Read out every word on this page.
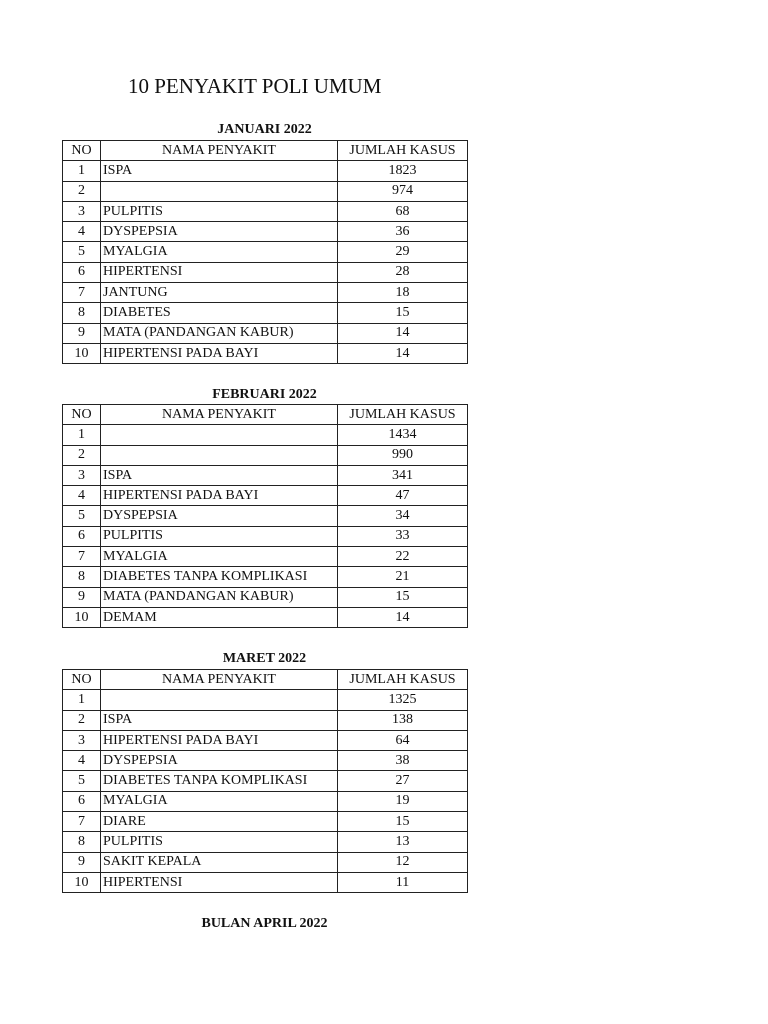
10 PENYAKIT POLI UMUM
JANUARI 2022
NO	NAMA PENYAKIT	JUMLAH KASUS
1	ISPA	1823
2		974
3	PULPITIS	68
4	DYSPEPSIA	36
5	MYALGIA	29
6	HIPERTENSI	28
7	JANTUNG	18
8	DIABETES	15
9	MATA (PANDANGAN KABUR)	14
10	HIPERTENSI PADA BAYI	14
FEBRUARI 2022
NO	NAMA PENYAKIT	JUMLAH KASUS
1		1434
2		990
3	ISPA	341
4	HIPERTENSI PADA BAYI	47
5	DYSPEPSIA	34
6	PULPITIS	33
7	MYALGIA	22
8	DIABETES TANPA KOMPLIKASI	21
9	MATA (PANDANGAN KABUR)	15
10	DEMAM	14
MARET 2022
NO	NAMA PENYAKIT	JUMLAH KASUS
1		1325
2	ISPA	138
3	HIPERTENSI PADA BAYI	64
4	DYSPEPSIA	38
5	DIABETES TANPA KOMPLIKASI	27
6	MYALGIA	19
7	DIARE	15
8	PULPITIS	13
9	SAKIT KEPALA	12
10	HIPERTENSI	11
BULAN APRIL 2022
